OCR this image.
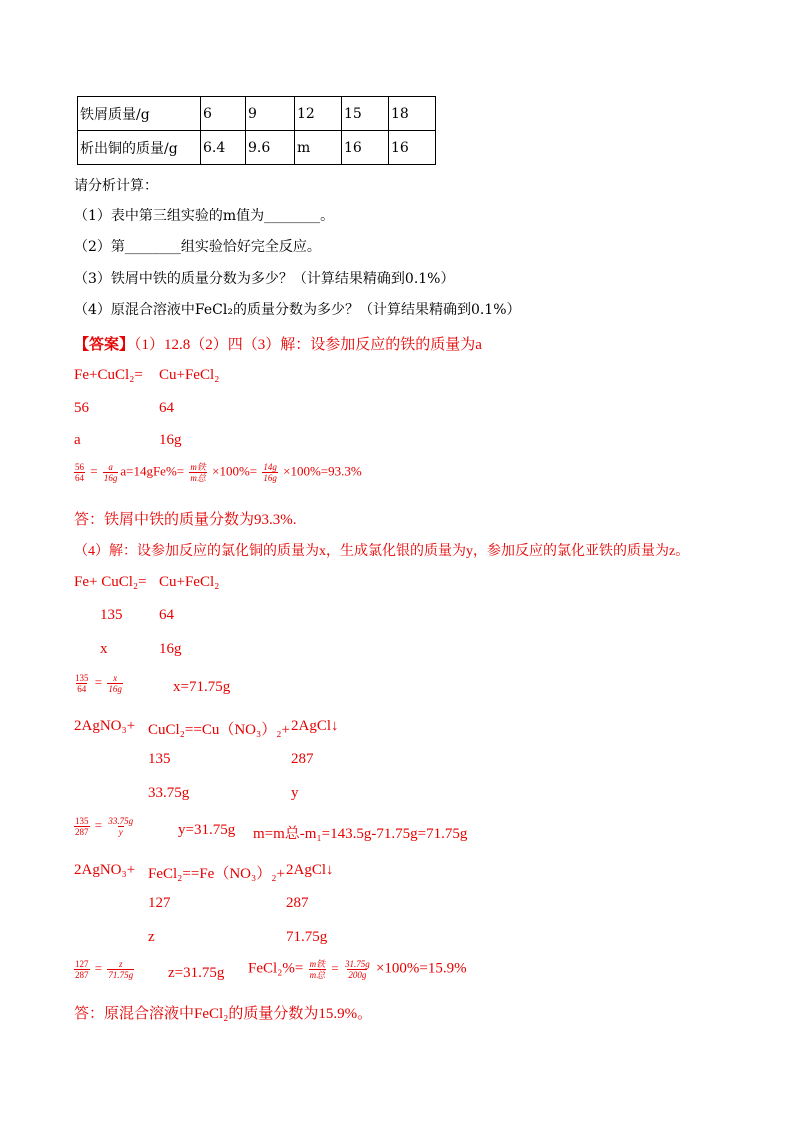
铁屑质量/g	6	9	12	15	18
析出铜的质量/g	6.4	9.6	m	16	16
请分析计算：
（1）表中第三组实验的m值为________。
（2）第________组实验恰好完全反应。
（3）铁屑中铁的质量分数为多少？（计算结果精确到0.1%）
（4）原混合溶液中FeCl₂的质量分数为多少？（计算结果精确到0.1%）
【答案】（1）12.8（2）四（3）解：设参加反应的铁的质量为a
Fe+CuCl₂= Cu+FeCl₂
56	64
a	16g
$\frac{56}{64} = \frac{a}{16g} a=14gFe\%= \frac{\text{m铁}}{\text{m总}} \times 100\%= \frac{14g}{16g} \times 100\%=93.3\%$
答：铁屑中铁的质量分数为93.3%.
（4）解：设参加反应的氯化铜的质量为x，生成氯化银的质量为y，参加反应的氯化亚铁的质量为z。
Fe+ CuCl₂= Cu+FeCl₂
135 64
x	16g
$\frac{135}{64} = \frac{x}{16g}$	x=71.75g
2AgNO₃+ CuCl₂==Cu（NO₃）₂+ 2AgCl↓
135	287
33.75g	y
$\frac{135}{287} = \frac{33.75g}{y}$	y=31.75g m=m总-m₁=143.5g-71.75g=71.75g
2AgNO₃+ FeCl₂==Fe（NO₃）₂+ 2AgCl↓
127	287
z	71.75g
$\frac{127}{287} = \frac{z}{71.75g} z=31.75g$ FeCl₂%= $\frac{\text{m铁}}{\text{m总}} = \frac{31.75g}{200g} \times 100\%=15.9\%$
答：原混合溶液中FeCl₂的质量分数为15.9%。
